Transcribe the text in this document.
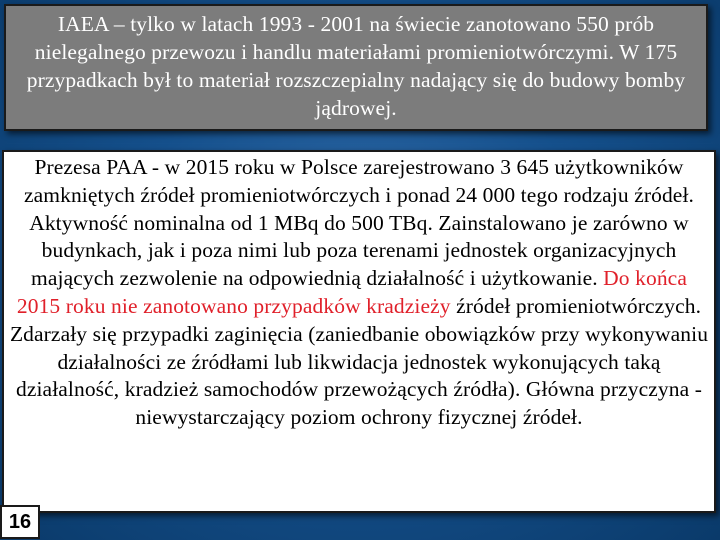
IAEA – tylko w latach 1993 - 2001 na świecie zanotowano 550 prób nielegalnego przewozu i handlu materiałami promieniotwórczymi. W 175 przypadkach był to materiał rozszczepialny nadający się do budowy bomby jądrowej.
Prezesa PAA - w 2015 roku w Polsce zarejestrowano 3 645 użytkowników zamkniętych źródeł promieniotwórczych i ponad 24 000 tego rodzaju źródeł. Aktywność nominalna od 1 MBq do 500 TBq. Zainstalowano je zarówno w budynkach, jak i poza nimi lub poza terenami jednostek organizacyjnych mających zezwolenie na odpowiednią działalność i użytkowanie. Do końca 2015 roku nie zanotowano przypadków kradzieży źródeł promieniotwórczych. Zdarzały się przypadki zaginięcia (zaniedbanie obowiązków przy wykonywaniu działalności ze źródłami lub likwidacja jednostek wykonujących taką działalność, kradzież samochodów przewożących źródła). Główna przyczyna - niewystarczający poziom ochrony fizycznej źródeł.
16
